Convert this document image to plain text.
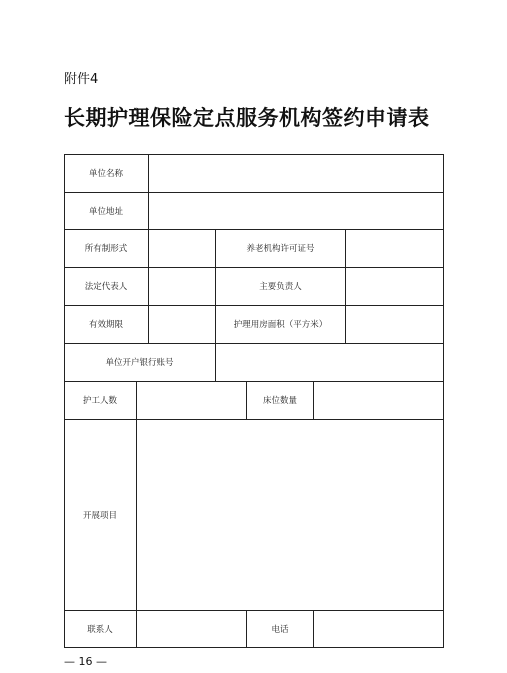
附件4
长期护理保险定点服务机构签约申请表
单位名称
单位地址
所有制形式	养老机构许可证号
法定代表人	主要负责人
有效期限	护理用房面积（平方米）
单位开户银行账号
护工人数	床位数量
开展项目
联系人	电话
— 16 —
